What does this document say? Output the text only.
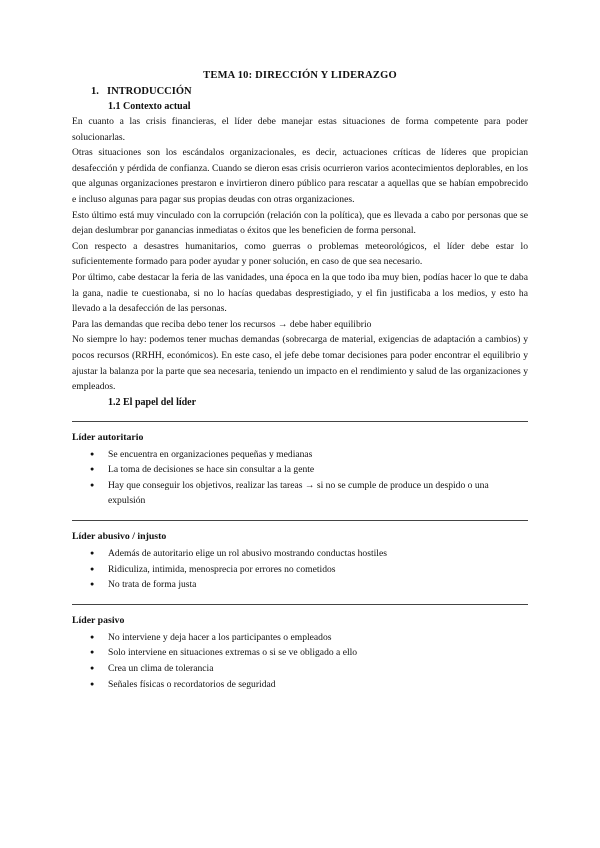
TEMA 10: DIRECCIÓN Y LIDERAZGO
1. INTRODUCCIÓN
1.1 Contexto actual

En cuanto a las crisis financieras, el líder debe manejar estas situaciones de forma competente para poder solucionarlas.

Otras situaciones son los escándalos organizacionales, es decir, actuaciones críticas de líderes que propician desafección y pérdida de confianza. Cuando se dieron esas crisis ocurrieron varios acontecimientos deplorables, en los que algunas organizaciones prestaron e invirtieron dinero público para rescatar a aquellas que se habían empobrecido e incluso algunas para pagar sus propias deudas con otras organizaciones.

Esto último está muy vinculado con la corrupción (relación con la política), que es llevada a cabo por personas que se dejan deslumbrar por ganancias inmediatas o éxitos que les beneficien de forma personal.

Con respecto a desastres humanitarios, como guerras o problemas meteorológicos, el líder debe estar lo suficientemente formado para poder ayudar y poner solución, en caso de que sea necesario.

Por último, cabe destacar la feria de las vanidades, una época en la que todo iba muy bien, podías hacer lo que te daba la gana, nadie te cuestionaba, si no lo hacías quedabas desprestigiado, y el fin justificaba a los medios, y esto ha llevado a la desafección de las personas.

Para las demandas que reciba debo tener los recursos → debe haber equilibrio

No siempre lo hay: podemos tener muchas demandas (sobrecarga de material, exigencias de adaptación a cambios) y pocos recursos (RRHH, económicos). En este caso, el jefe debe tomar decisiones para poder encontrar el equilibrio y ajustar la balanza por la parte que sea necesaria, teniendo un impacto en el rendimiento y salud de las organizaciones y empleados.

1.2 El papel del líder
Líder autoritario
● Se encuentra en organizaciones pequeñas y medianas
● La toma de decisiones se hace sin consultar a la gente
● Hay que conseguir los objetivos, realizar las tareas → si no se cumple de produce un despido o una expulsión
Líder abusivo / injusto
● Además de autoritario elige un rol abusivo mostrando conductas hostiles
● Ridiculiza, intimida, menosprecia por errores no cometidos
● No trata de forma justa
Líder pasivo
● No interviene y deja hacer a los participantes o empleados
● Solo interviene en situaciones extremas o si se ve obligado a ello
● Crea un clima de tolerancia
● Señales físicas o recordatorios de seguridad
